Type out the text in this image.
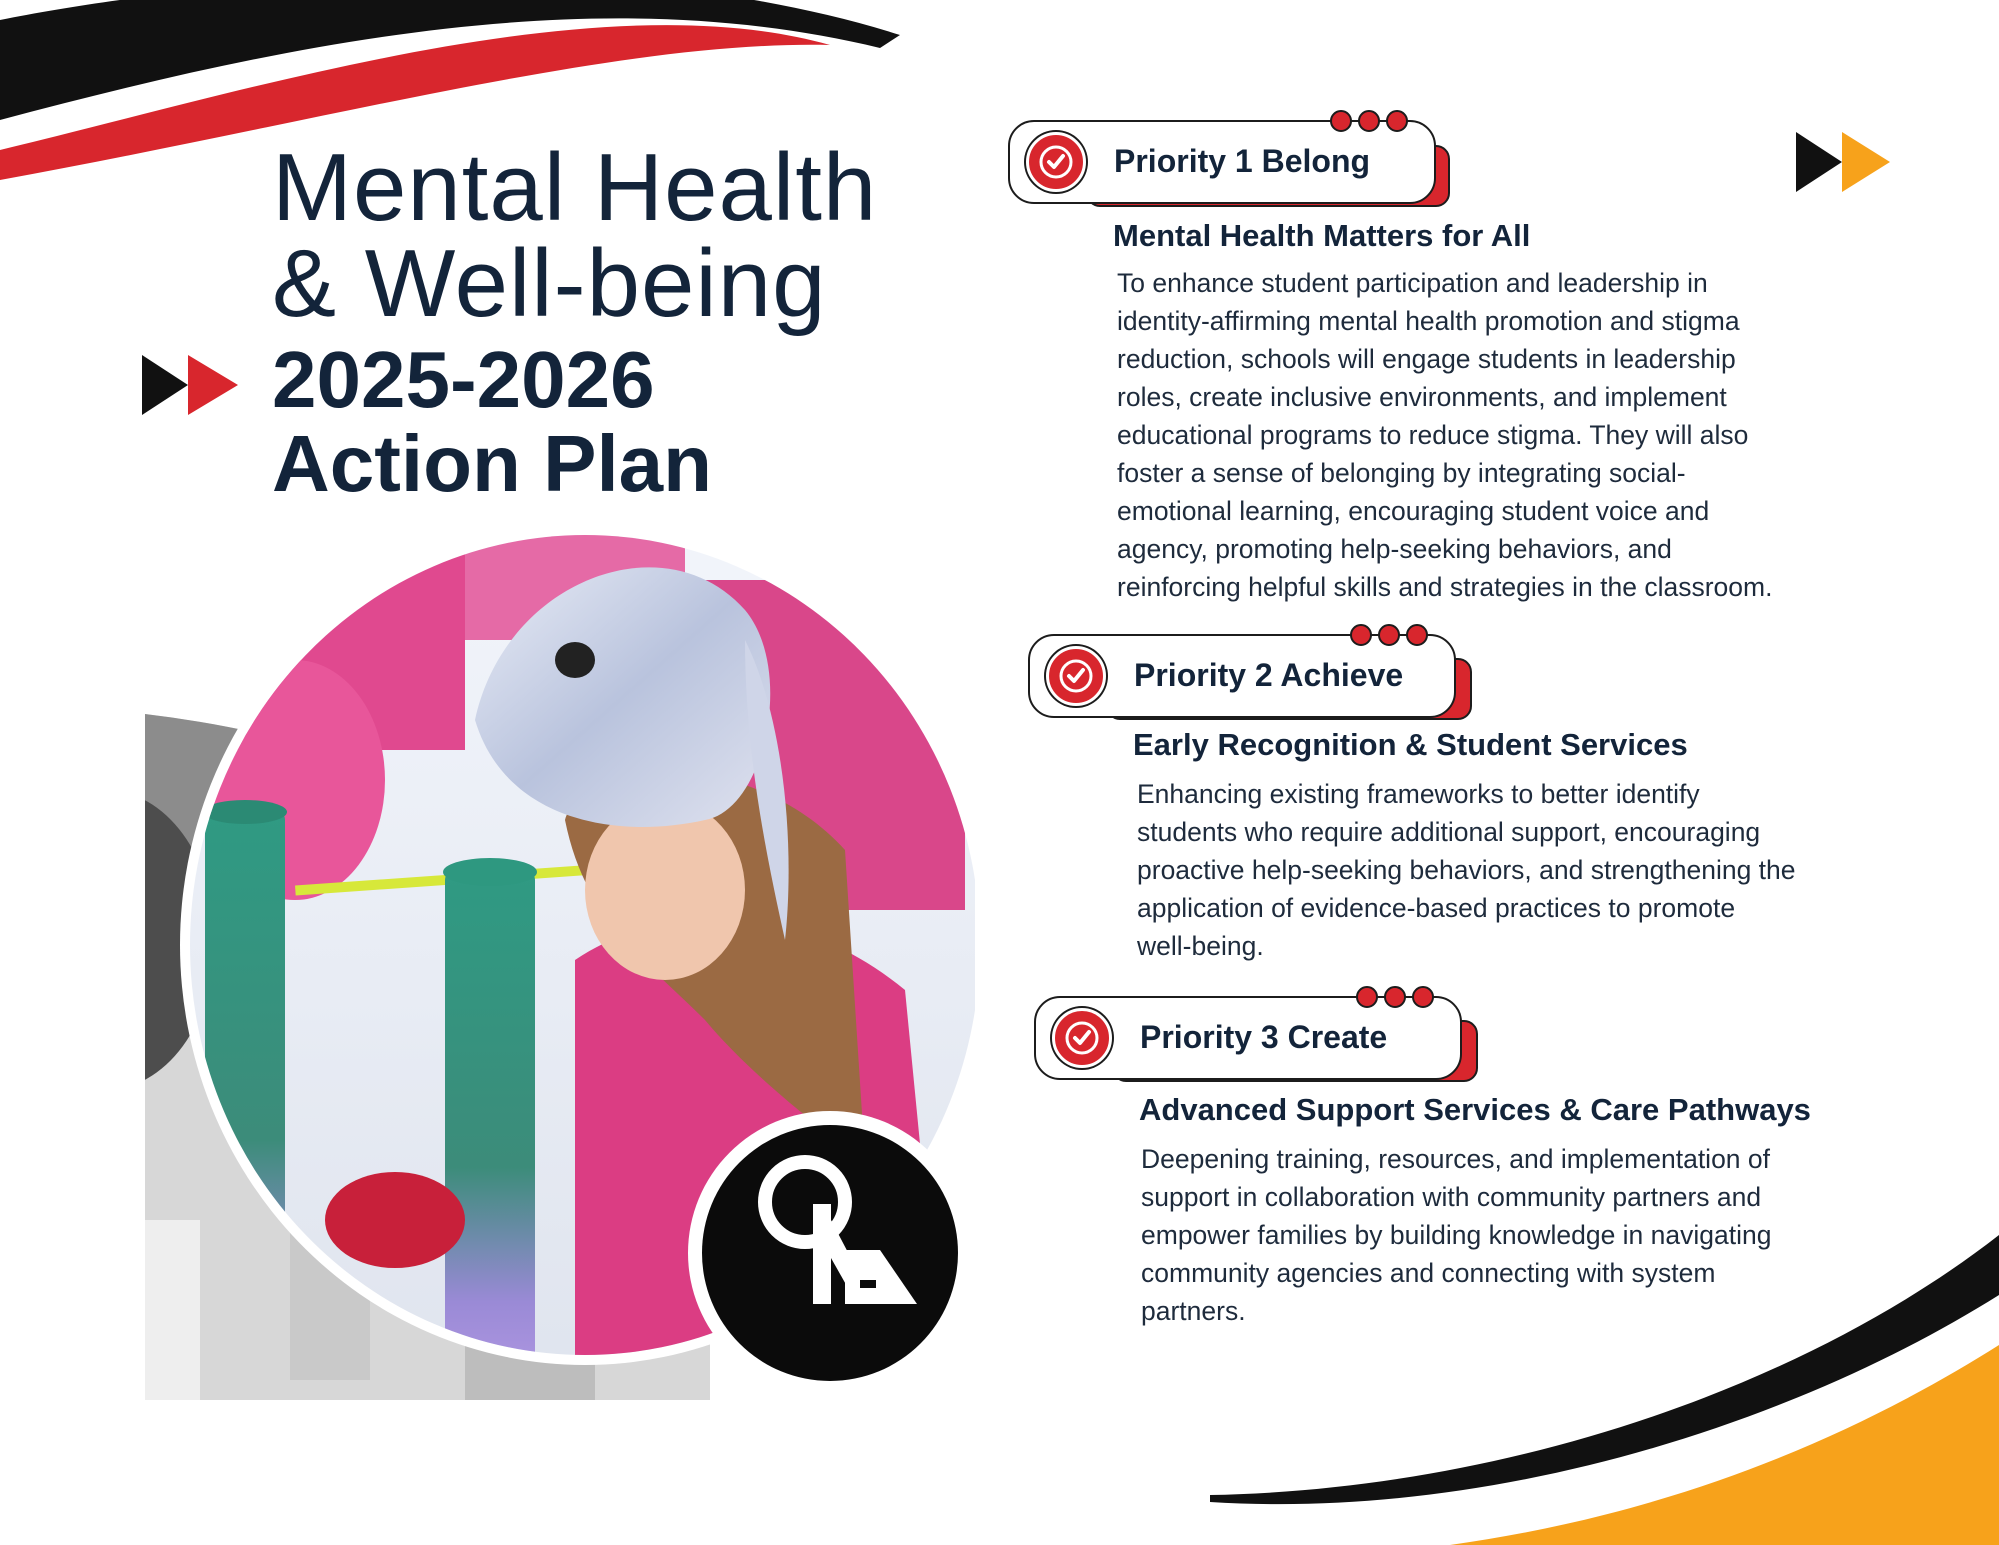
Mental Health
& Well-being
2025-2026
Action Plan
Priority 1 Belong
Mental Health Matters for All
To enhance student participation and leadership in
identity-affirming mental health promotion and stigma
reduction, schools will engage students in leadership
roles, create inclusive environments, and implement
educational programs to reduce stigma. They will also
foster a sense of belonging by integrating social-
emotional learning, encouraging student voice and
agency, promoting help-seeking behaviors, and
reinforcing helpful skills and strategies in the classroom.
Priority 2 Achieve
Early Recognition & Student Services
Enhancing existing frameworks to better identify
students who require additional support, encouraging
proactive help-seeking behaviors, and strengthening the
application of evidence-based practices to promote
well-being.
Priority 3 Create
Advanced Support Services & Care Pathways
Deepening training, resources, and implementation of
support in collaboration with community partners and
empower families by building knowledge in navigating
community agencies and connecting with system
partners.
